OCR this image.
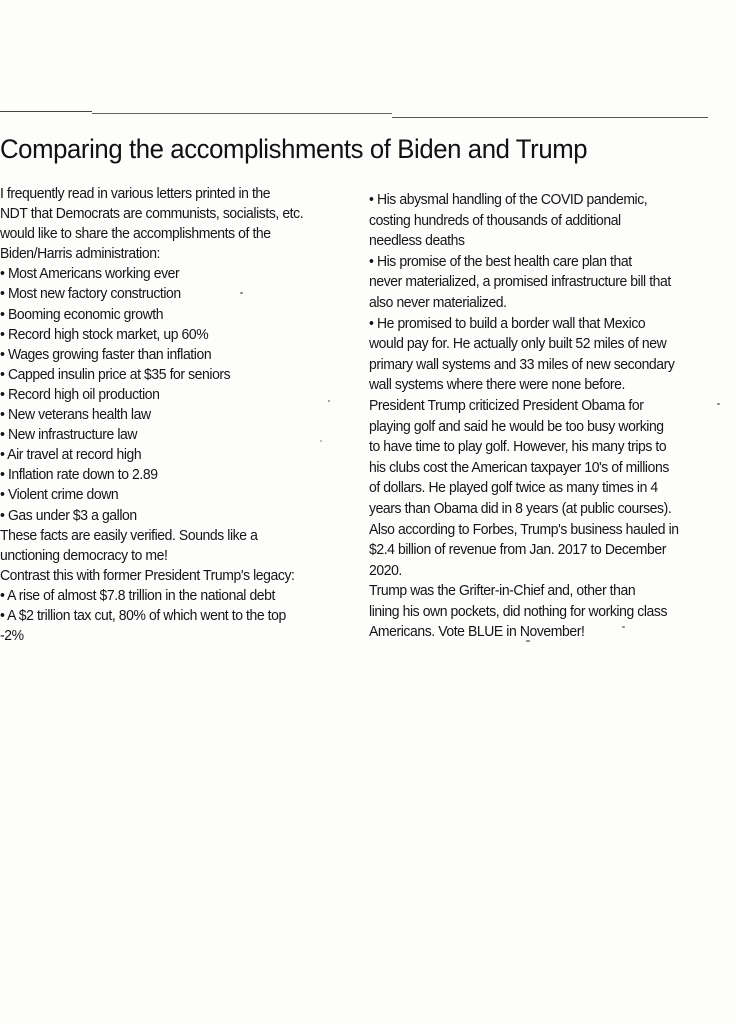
Comparing the accomplishments of Biden and Trump
I frequently read in various letters printed in the
NDT that Democrats are communists, socialists, etc.
would like to share the accomplishments of the
Biden/Harris administration:
• Most Americans working ever
• Most new factory construction
• Booming economic growth
• Record high stock market, up 60%
• Wages growing faster than inflation
• Capped insulin price at $35 for seniors
• Record high oil production
• New veterans health law
• New infrastructure law
• Air travel at record high
• Inflation rate down to 2.89
• Violent crime down
• Gas under $3 a gallon
These facts are easily verified. Sounds like a
unctioning democracy to me!
Contrast this with former President Trump's legacy:
• A rise of almost $7.8 trillion in the national debt
• A $2 trillion tax cut, 80% of which went to the top
-2%
• His abysmal handling of the COVID pandemic,
costing hundreds of thousands of additional
needless deaths
• His promise of the best health care plan that
never materialized, a promised infrastructure bill that
also never materialized.
• He promised to build a border wall that Mexico
would pay for. He actually only built 52 miles of new
primary wall systems and 33 miles of new secondary
wall systems where there were none before.
President Trump criticized President Obama for
playing golf and said he would be too busy working
to have time to play golf. However, his many trips to
his clubs cost the American taxpayer 10's of millions
of dollars. He played golf twice as many times in 4
years than Obama did in 8 years (at public courses).
Also according to Forbes, Trump's business hauled in
$2.4 billion of revenue from Jan. 2017 to December
2020.
Trump was the Grifter-in-Chief and, other than
lining his own pockets, did nothing for working class
Americans. Vote BLUE in November!
